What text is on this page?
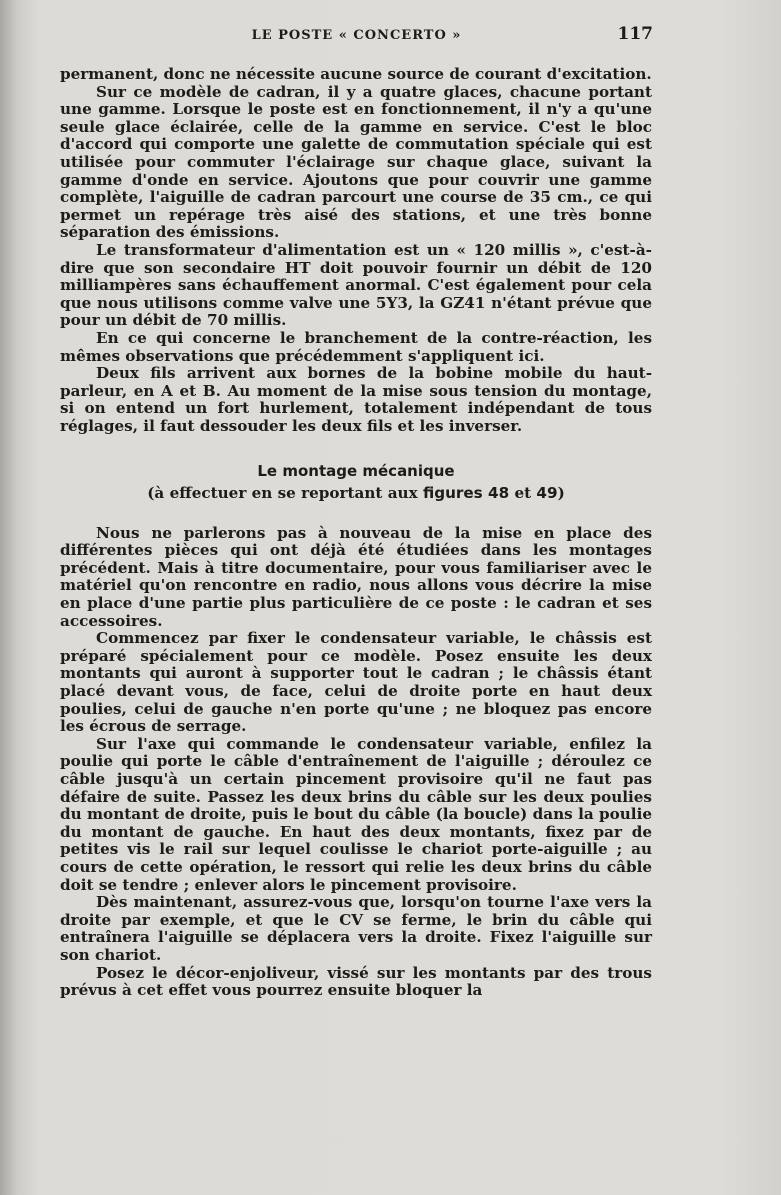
LE POSTE « CONCERTO »	117

permanent, donc ne nécessite aucune source de courant d'excitation.

Sur ce modèle de cadran, il y a quatre glaces, chacune portant une gamme. Lorsque le poste est en fonctionnement, il n'y a qu'une seule glace éclairée, celle de la gamme en service. C'est le bloc d'accord qui comporte une galette de commutation spéciale qui est utilisée pour commuter l'éclairage sur chaque glace, suivant la gamme d'onde en service. Ajoutons que pour couvrir une gamme complète, l'aiguille de cadran parcourt une course de 35 cm., ce qui permet un repérage très aisé des stations, et une très bonne séparation des émissions.

Le transformateur d'alimentation est un « 120 millis », c'est-à-dire que son secondaire HT doit pouvoir fournir un débit de 120 milliampères sans échauffement anormal. C'est également pour cela que nous utilisons comme valve une 5Y3, la GZ41 n'étant prévue que pour un débit de 70 millis.

En ce qui concerne le branchement de la contre-réaction, les mêmes observations que précédemment s'appliquent ici.

Deux fils arrivent aux bornes de la bobine mobile du haut-parleur, en A et B. Au moment de la mise sous tension du montage, si on entend un fort hurlement, totalement indépendant de tous réglages, il faut dessouder les deux fils et les inverser.

Le montage mécanique
(à effectuer en se reportant aux figures 48 et 49)

Nous ne parlerons pas à nouveau de la mise en place des différentes pièces qui ont déjà été étudiées dans les montages précédent. Mais à titre documentaire, pour vous familiariser avec le matériel qu'on rencontre en radio, nous allons vous décrire la mise en place d'une partie plus particulière de ce poste : le cadran et ses accessoires.

Commencez par fixer le condensateur variable, le châssis est préparé spécialement pour ce modèle. Posez ensuite les deux montants qui auront à supporter tout le cadran ; le châssis étant placé devant vous, de face, celui de droite porte en haut deux poulies, celui de gauche n'en porte qu'une ; ne bloquez pas encore les écrous de serrage.

Sur l'axe qui commande le condensateur variable, enfilez la poulie qui porte le câble d'entraînement de l'aiguille ; déroulez ce câble jusqu'à un certain pincement provisoire qu'il ne faut pas défaire de suite. Passez les deux brins du câble sur les deux poulies du montant de droite, puis le bout du câble (la boucle) dans la poulie du montant de gauche. En haut des deux montants, fixez par de petites vis le rail sur lequel coulisse le chariot porte-aiguille ; au cours de cette opération, le ressort qui relie les deux brins du câble doit se tendre ; enlever alors le pincement provisoire.

Dès maintenant, assurez-vous que, lorsqu'on tourne l'axe vers la droite par exemple, et que le CV se ferme, le brin du câble qui entraînera l'aiguille se déplacera vers la droite. Fixez l'aiguille sur son chariot.

Posez le décor-enjoliveur, vissé sur les montants par des trous prévus à cet effet vous pourrez ensuite bloquer la
